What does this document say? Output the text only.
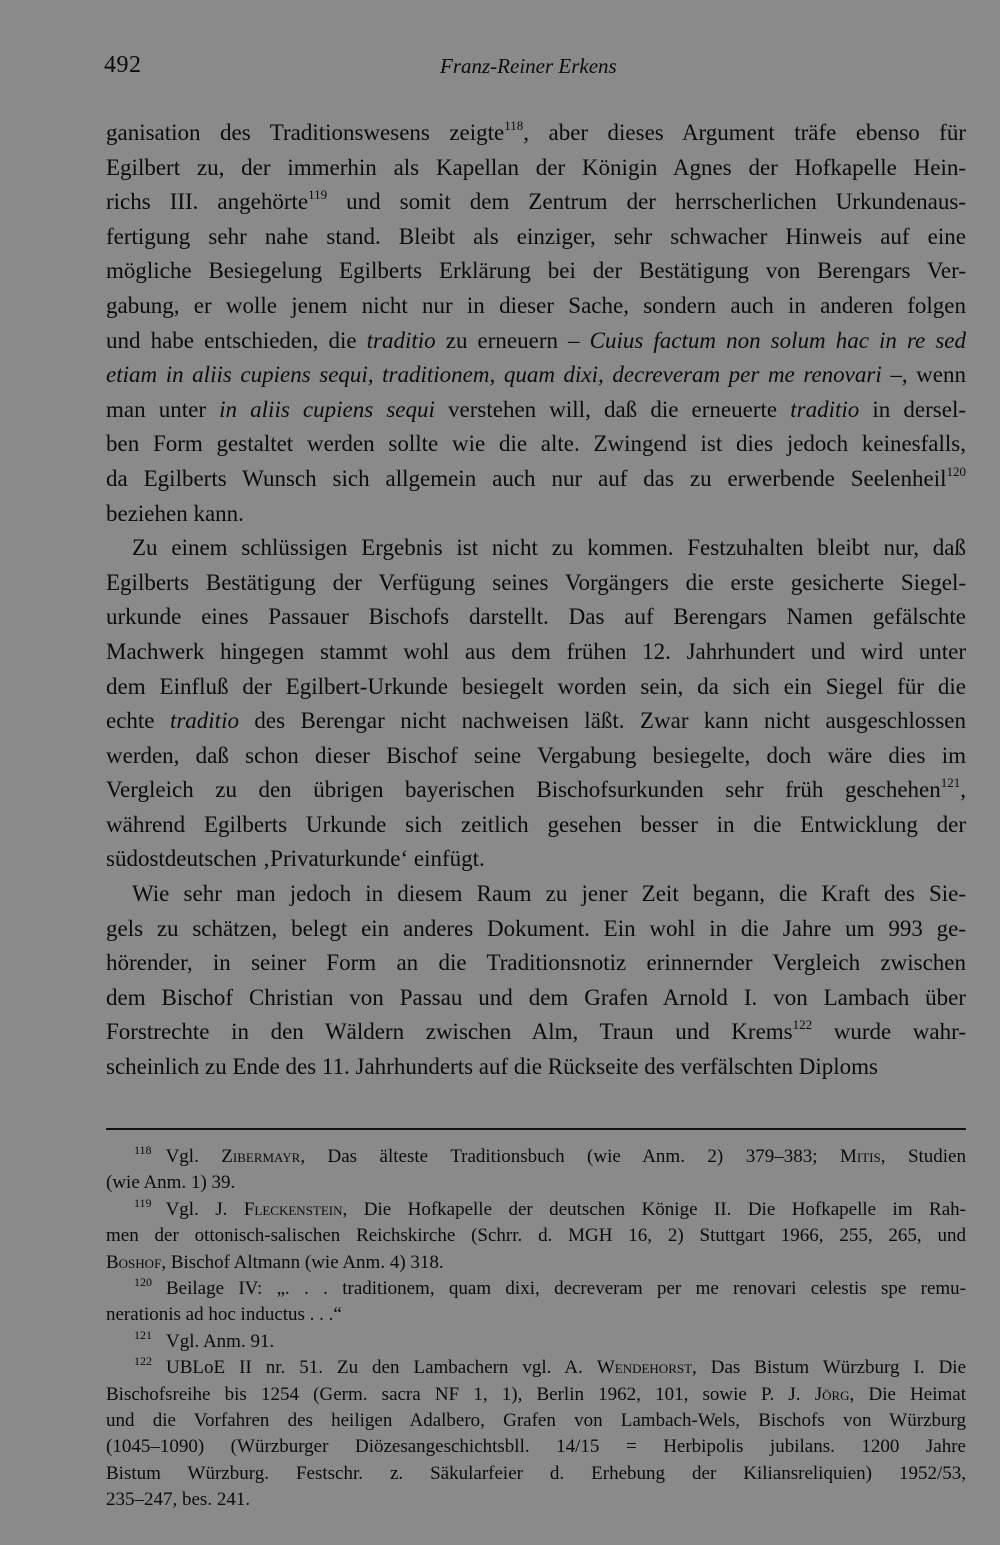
492	Franz-Reiner Erkens
ganisation des Traditionswesens zeigte$^{118}$, aber dieses Argument träfe ebenso für
Egilbert zu, der immerhin als Kapellan der Königin Agnes der Hofkapelle Hein-
richs III. angehörte$^{119}$ und somit dem Zentrum der herrscherlichen Urkundenaus-
fertigung sehr nahe stand. Bleibt als einziger, sehr schwacher Hinweis auf eine
mögliche Besiegelung Egilberts Erklärung bei der Bestätigung von Berengars Ver-
gabung, er wolle jenem nicht nur in dieser Sache, sondern auch in anderen folgen
und habe entschieden, die traditio zu erneuern – Cuius factum non solum hac in re sed
etiam in aliis cupiens sequi, traditionem, quam dixi, decreveram per me renovari –, wenn
man unter in aliis cupiens sequi verstehen will, daß die erneuerte traditio in dersel-
ben Form gestaltet werden sollte wie die alte. Zwingend ist dies jedoch keinesfalls,
da Egilberts Wunsch sich allgemein auch nur auf das zu erwerbende Seelenheil$^{120}$
beziehen kann.
Zu einem schlüssigen Ergebnis ist nicht zu kommen. Festzuhalten bleibt nur, daß
Egilberts Bestätigung der Verfügung seines Vorgängers die erste gesicherte Siegel-
urkunde eines Passauer Bischofs darstellt. Das auf Berengars Namen gefälschte
Machwerk hingegen stammt wohl aus dem frühen 12. Jahrhundert und wird unter
dem Einfluß der Egilbert-Urkunde besiegelt worden sein, da sich ein Siegel für die
echte traditio des Berengar nicht nachweisen läßt. Zwar kann nicht ausgeschlossen
werden, daß schon dieser Bischof seine Vergabung besiegelte, doch wäre dies im
Vergleich zu den übrigen bayerischen Bischofsurkunden sehr früh geschehen$^{121}$,
während Egilberts Urkunde sich zeitlich gesehen besser in die Entwicklung der
südostdeutschen ‚Privaturkunde‘ einfügt.
Wie sehr man jedoch in diesem Raum zu jener Zeit begann, die Kraft des Sie-
gels zu schätzen, belegt ein anderes Dokument. Ein wohl in die Jahre um 993 ge-
hörender, in seiner Form an die Traditionsnotiz erinnernder Vergleich zwischen
dem Bischof Christian von Passau und dem Grafen Arnold I. von Lambach über
Forstrechte in den Wäldern zwischen Alm, Traun und Krems$^{122}$ wurde wahr-
scheinlich zu Ende des 11. Jahrhunderts auf die Rückseite des verfälschten Diploms
$^{118}$ Vgl. Zibermayr, Das älteste Traditionsbuch (wie Anm. 2) 379–383; Mitis, Studien
(wie Anm. 1) 39.
$^{119}$ Vgl. J. Fleckenstein, Die Hofkapelle der deutschen Könige II. Die Hofkapelle im Rah-
men der ottonisch-salischen Reichskirche (Schrr. d. MGH 16, 2) Stuttgart 1966, 255, 265, und
Boshof, Bischof Altmann (wie Anm. 4) 318.
$^{120}$ Beilage IV: „. . . traditionem, quam dixi, decreveram per me renovari celestis spe remu-
nerationis ad hoc inductus . . .“
$^{121}$ Vgl. Anm. 91.
$^{122}$ UBLoE II nr. 51. Zu den Lambachern vgl. A. Wendehorst, Das Bistum Würzburg I. Die
Bischofsreihe bis 1254 (Germ. sacra NF 1, 1), Berlin 1962, 101, sowie P. J. Jörg, Die Heimat
und die Vorfahren des heiligen Adalbero, Grafen von Lambach-Wels, Bischofs von Würzburg
(1045–1090) (Würzburger Diözesangeschichtsbll. 14/15 = Herbipolis jubilans. 1200 Jahre
Bistum Würzburg. Festschr. z. Säkularfeier d. Erhebung der Kiliansreliquien) 1952/53,
235–247, bes. 241.
